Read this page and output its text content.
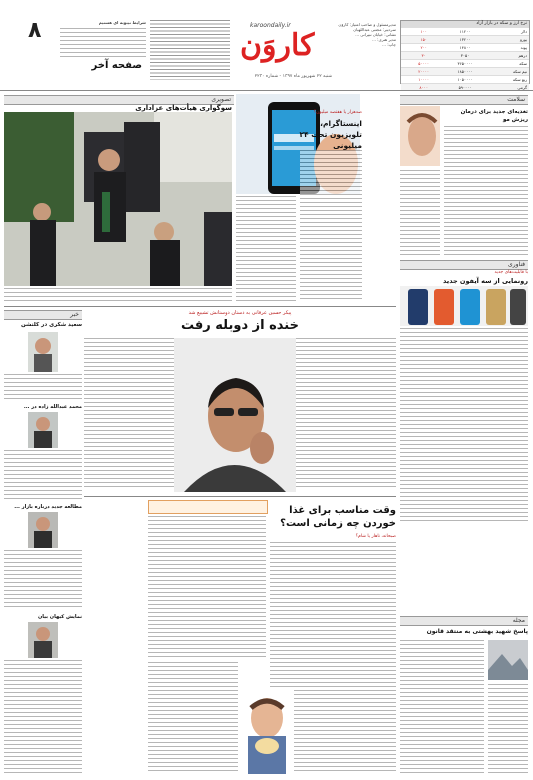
۸	شرایط نیبونه ای هستیم
صفحه آخر
karoondaily.ir
کاروَن
شنبه ۲۲ شهریور ماه ۱۳۹۷ - شماره ۲۲۳۰
مدیرمسئول و صاحب امتیاز: کاروَن
سردبیر: مجتبی عبداللهیان
نشانی: خیابان نبیرانی ...
مدیر هنری: ...
چاپ: ...
نرخ ارز و سکه در بازار آزاد
دلار
۱۱۲۰۰
۱۰۰
یورو
۱۳۲۰۰
۱۵۰
پوند
۱۴۸۰۰
۲۰۰
درهم
۳۰۵۰
۳۰
سکه
۳۶۵۰۰۰۰
۵۰۰۰۰
نیم سکه
۱۸۵۰۰۰۰
۲۰۰۰۰
ربع سکه
۱۰۵۰۰۰۰
۱۰۰۰۰
گرمی
۵۹۰۰۰۰
۸۰۰۰
تصویری
سوگواری هیأت‌های عزاداری
صدهزار یا هفتصد میلیون؟
اینستاگرام، تلویزیون تحت ۲۴ میلیونی
سلامت
تغذیه‌ای جدید برای درمان ریزش مو
فناوری
با قابلیت‌های جدید
رونمایی از سه آیفون جدید
پیکر حسین عرفانی به دستان دوستانش تشییع شد
خنده از دوبله رفت
خبر
سعید شکری در کلنشن
محمد عبدالله زاده در ...
مطالعه جدید درباره بازار ...
نمایش کیهان بیان
وقت مناسب برای غذا خوردن چه زمانی است؟
صبحانه، ناهار یا شام؟
مجله
پاسخ شهید بهشتی به منتقد قانون
